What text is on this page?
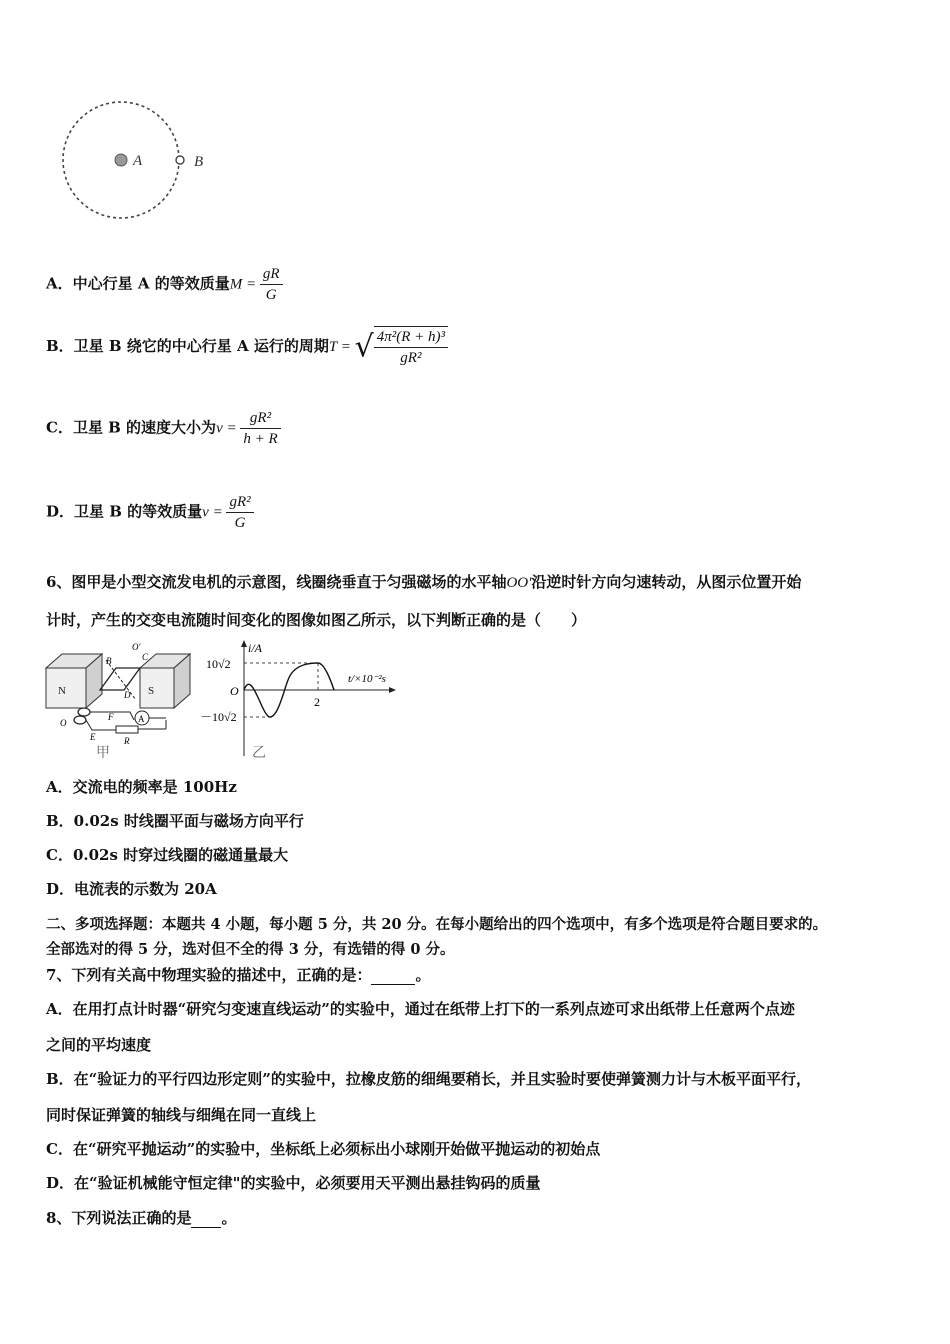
A	B
A．中心行星 A 的等效质量$M = \frac{gR}{G}$
B．卫星 B 绕它的中心行星 A 运行的周期T = √ $\frac{\text{4π²(R + h)³}}{\text{gR²}}$
C．卫星 B 的速度大小为$v = \frac{\text{gR²}}{h + R}$
D．卫星 B 的等效质量$v = \frac{\text{gR²}}{G}$
6、图甲是小型交流发电机的示意图，线圈绕垂直于匀强磁场的水平轴OO'沿逆时针方向匀速转动，从图示位置开始
计时，产生的交变电流随时间变化的图像如图乙所示，以下判断正确的是（　　）
N	S
B	C
O'
D
O	A
F
E	R
甲
i/A
10√2
O
－10√2
t/×10⁻²s
2
乙
A．交流电的频率是 100Hz
B．0.02s 时线圈平面与磁场方向平行
C．0.02s 时穿过线圈的磁通量最大
D．电流表的示数为 20A
二、多项选择题：本题共 4 小题，每小题 5 分，共 20 分。在每小题给出的四个选项中，有多个选项是符合题目要求的。
全部选对的得 5 分，选对但不全的得 3 分，有选错的得 0 分。
7、下列有关高中物理实验的描述中，正确的是：	。
A．在用打点计时器“研究匀变速直线运动”的实验中，通过在纸带上打下的一系列点迹可求出纸带上任意两个点迹
之间的平均速度
B．在“验证力的平行四边形定则”的实验中，拉橡皮筋的细绳要稍长，并且实验时要使弹簧测力计与木板平面平行，
同时保证弹簧的轴线与细绳在同一直线上
C．在“研究平抛运动”的实验中，坐标纸上必须标出小球刚开始做平抛运动的初始点
D．在“验证机械能守恒定律"的实验中，必须要用天平测出悬挂钩码的质量
8、下列说法正确的是 。
